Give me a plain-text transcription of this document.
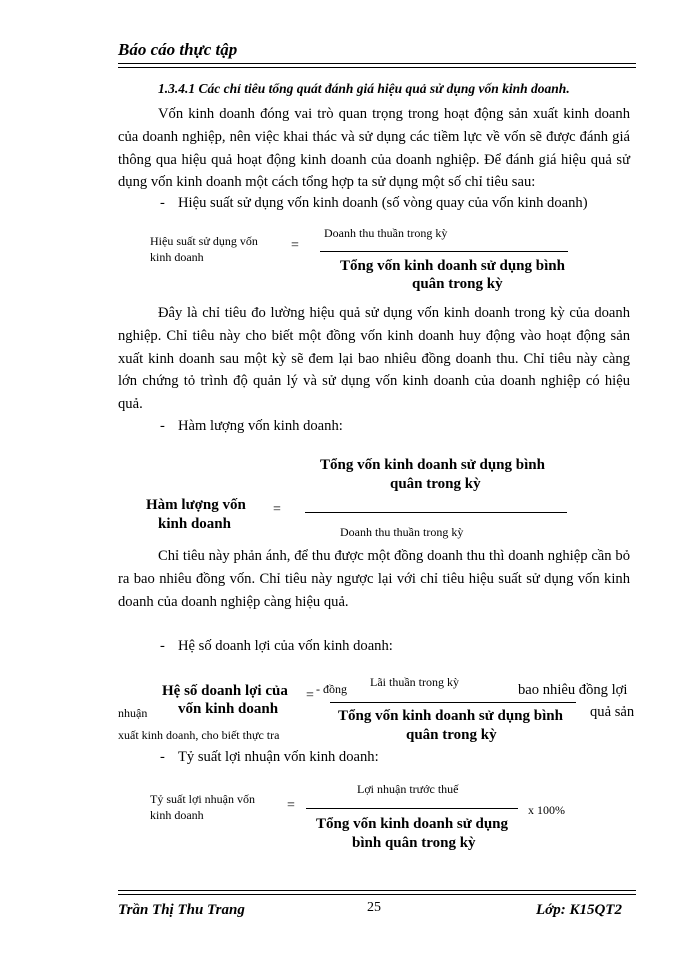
Báo cáo thực tập
1.3.4.1 Các chỉ tiêu tổng quát đánh giá hiệu quả sử dụng vốn kinh doanh.
Vốn kinh doanh đóng vai trò quan trọng trong hoạt động sản xuất kinh doanh của doanh nghiệp, nên việc khai thác và sử dụng các tiềm lực về vốn sẽ được đánh giá thông qua hiệu quả hoạt động kinh doanh của doanh nghiệp. Để đánh giá hiệu quả sử dụng vốn kinh doanh một cách tổng hợp ta sử dụng một số chỉ tiêu sau:
- Hiệu suất sử dụng vốn kinh doanh (số vòng quay của vốn kinh doanh)
Hiệu suất sử dụng vốn
kinh doanh
=
Doanh thu thuần trong kỳ
Tổng vốn kinh doanh sử dụng bình
quân trong kỳ
Đây là chỉ tiêu đo lường hiệu quả sử dụng vốn kinh doanh trong kỳ của doanh nghiệp. Chỉ tiêu này cho biết một đồng vốn kinh doanh huy động vào hoạt động sản xuất kinh doanh sau một kỳ sẽ đem lại bao nhiêu đồng doanh thu. Chỉ tiêu này càng lớn chứng tỏ trình độ quản lý và sử dụng vốn kinh doanh của doanh nghiệp có hiệu quả.
- Hàm lượng vốn kinh doanh:
Tổng vốn kinh doanh sử dụng bình
quân trong kỳ
Hàm lượng vốn
kinh doanh
=
Doanh thu thuần trong kỳ
Chỉ tiêu này phản ánh, để thu được một đồng doanh thu thì doanh nghiệp cần bỏ ra bao nhiêu đồng vốn. Chỉ tiêu này ngược lại với chỉ tiêu hiệu suất sử dụng vốn kinh doanh của doanh nghiệp càng hiệu quả.
- Hệ số doanh lợi của vốn kinh doanh:
Hệ số doanh lợi của
vốn kinh doanh
= - đồng Lãi thuần trong kỳ	bao nhiêu đồng lợi
nhuận	Tổng vốn kinh doanh sử dụng bình quả sản
xuất kinh doanh, cho biết thực tra	quân trong kỳ
- Tỷ suất lợi nhuận vốn kinh doanh:
Tỷ suất lợi nhuận vốn
kinh doanh
=
Lợi nhuận trước thuế
x 100%
Tổng vốn kinh doanh sử dụng
bình quân trong kỳ
Trần Thị Thu Trang	25	Lớp: K15QT2
